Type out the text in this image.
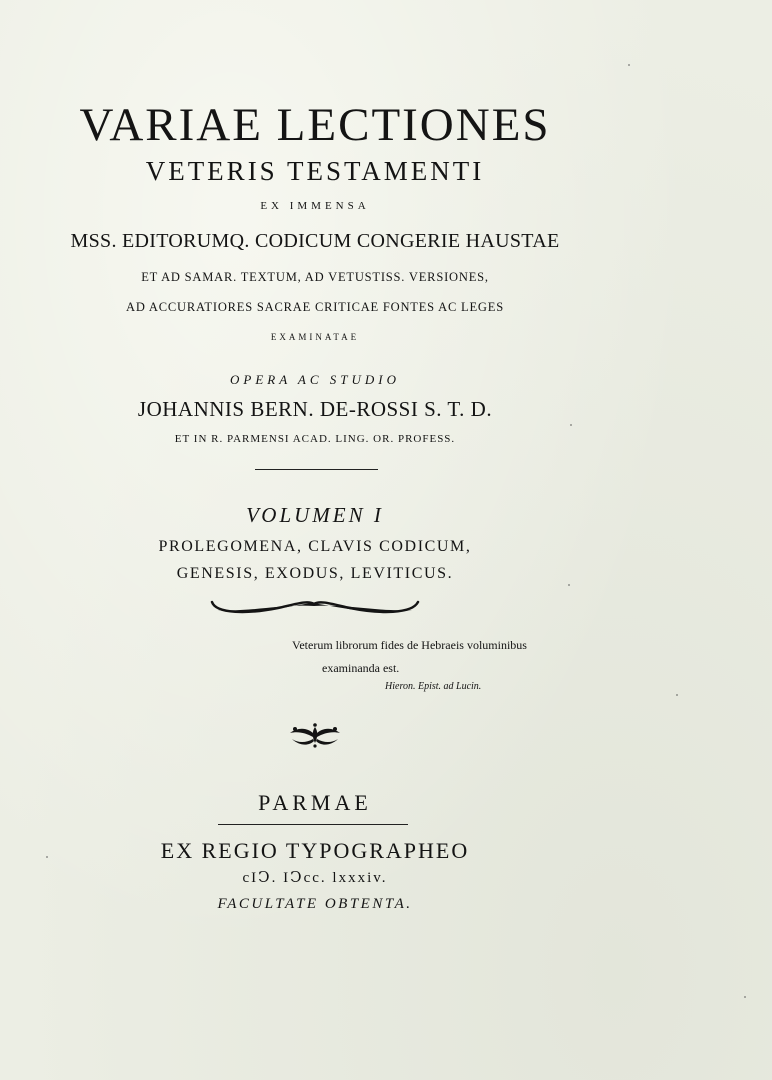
VARIAE LECTIONES
VETERIS TESTAMENTI
EX IMMENSA
MSS. EDITORUMQ. CODICUM CONGERIE HAUSTAE
ET AD SAMAR. TEXTUM, AD VETUSTISS. VERSIONES,
AD ACCURATIORES SACRAE CRITICAE FONTES AC LEGES
EXAMINATAE
OPERA AC STUDIO
JOHANNIS BERN. DE-ROSSI S. T. D.
ET IN R. PARMENSI ACAD. LING. OR. PROFESS.
VOLUMEN I
PROLEGOMENA, CLAVIS CODICUM,
GENESIS, EXODUS, LEVITICUS.

Veterum librorum fides de Hebraeis voluminibus

examinanda est.

Hieron. Epist. ad Lucin.

PARMAE
EX REGIO TYPOGRAPHEO
cIↃ. IↃcc. lxxxiv.
FACULTATE OBTENTA.
